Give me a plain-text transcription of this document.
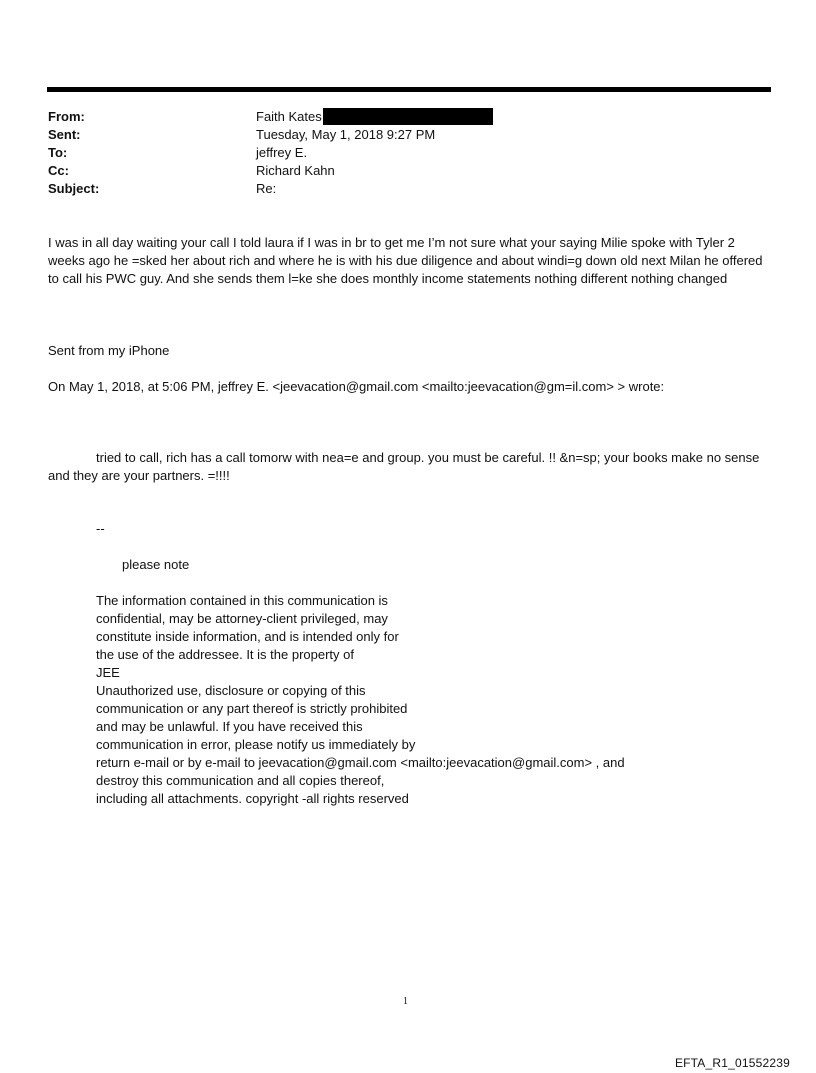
From:	Faith Kates
Sent:	Tuesday, May 1, 2018 9:27 PM
To:	jeffrey E.
Cc:	Richard Kahn
Subject:	Re:
I was in all day waiting your call I told laura if I was in br to get me I’m not sure what your saying Milie spoke with Tyler 2 weeks ago he =sked her about rich and where he is with his due diligence and about windi=g down old next Milan he offered to call his PWC guy. And she sends them l=ke she does monthly income statements nothing different nothing changed
Sent from my iPhone
On May 1, 2018, at 5:06 PM, jeffrey E. <jeevacation@gmail.com <mailto:jeevacation@gm=il.com> > wrote:
tried to call, rich has a call tomorw with nea=e and group. you must be careful. !! &n=sp; your books make no sense and they are your partners. =!!!!
--
please note
The information contained in this communication is
confidential, may be attorney-client privileged, may
constitute inside information, and is intended only for
the use of the addressee. It is the property of
JEE
Unauthorized use, disclosure or copying of this
communication or any part thereof is strictly prohibited
and may be unlawful. If you have received this
communication in error, please notify us immediately by
return e-mail or by e-mail to jeevacation@gmail.com <mailto:jeevacation@gmail.com> , and
destroy this communication and all copies thereof,
including all attachments. copyright -all rights reserved
1
EFTA_R1_01552239
